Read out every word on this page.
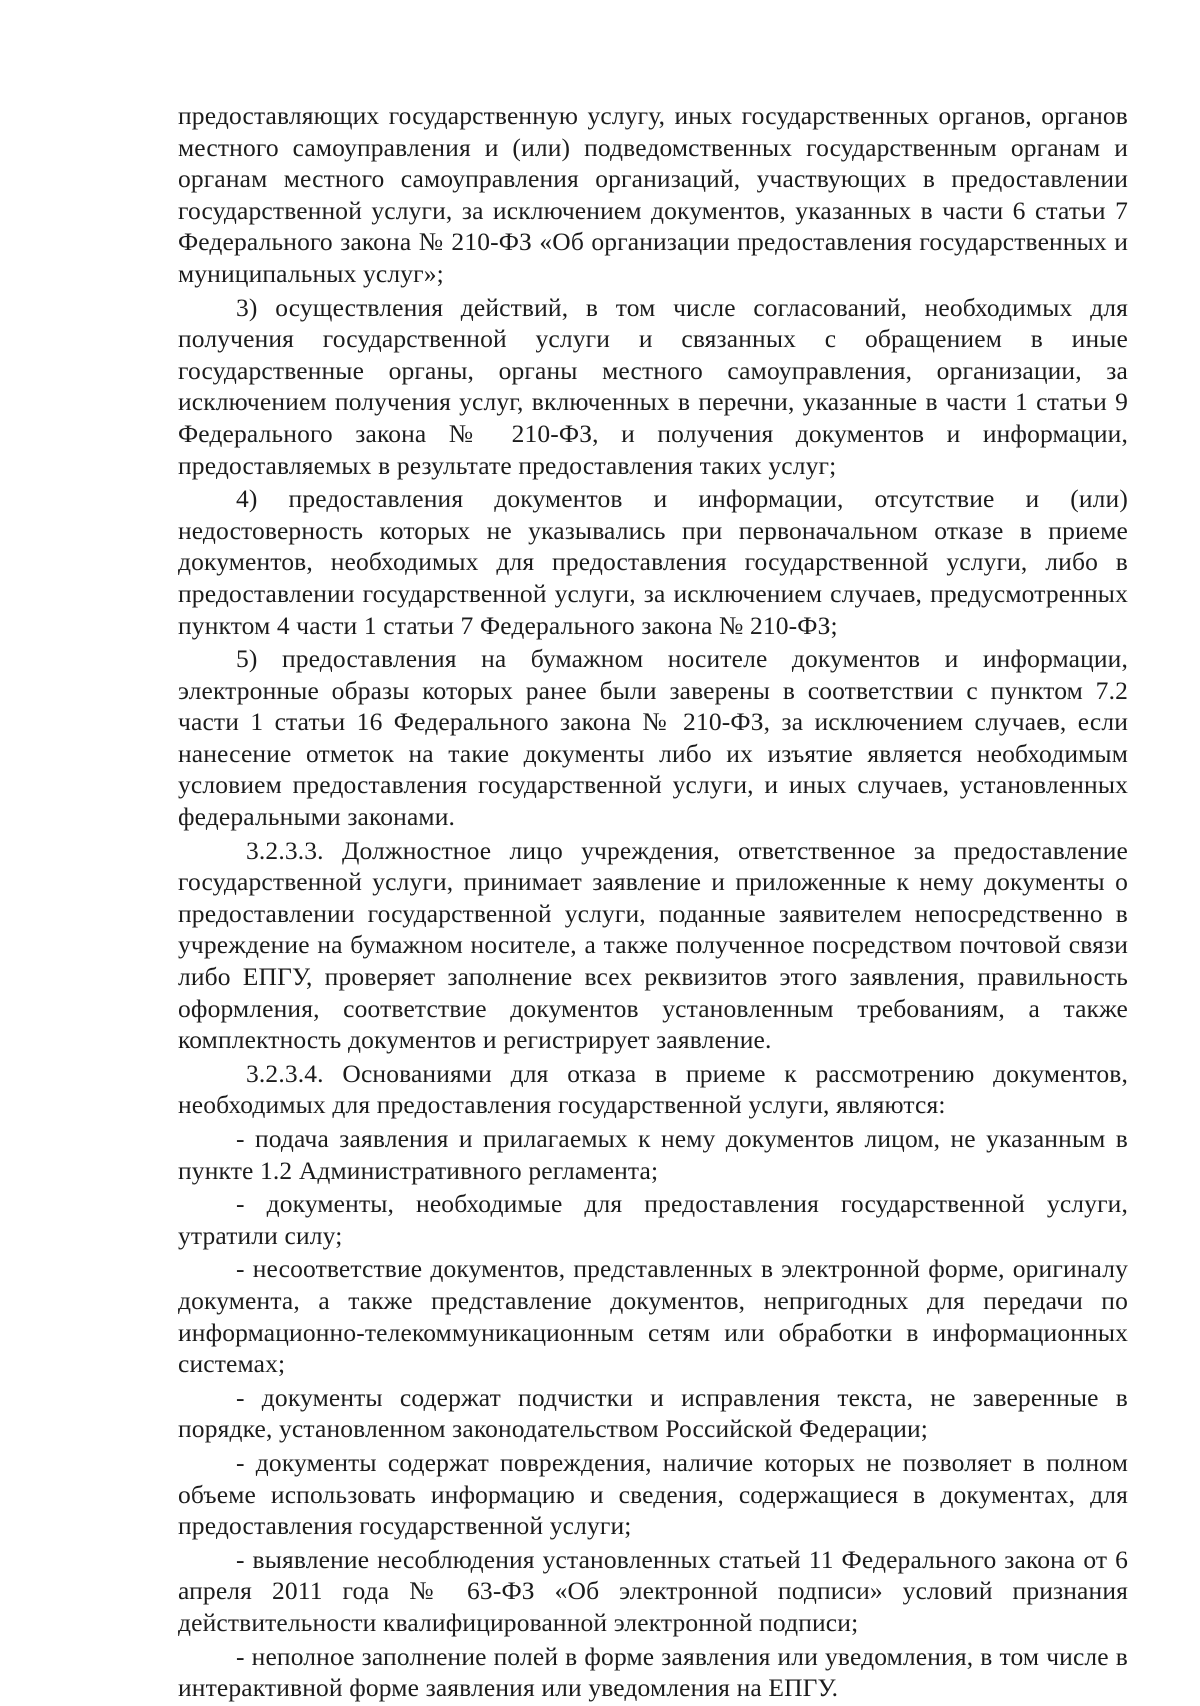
предоставляющих государственную услугу, иных государственных органов, органов местного самоуправления и (или) подведомственных государственным органам и органам местного самоуправления организаций, участвующих в предоставлении государственной услуги, за исключением документов, указанных в части 6 статьи 7 Федерального закона № 210-ФЗ «Об организации предоставления государственных и муниципальных услуг»;

3) осуществления действий, в том числе согласований, необходимых для получения государственной услуги и связанных с обращением в иные государственные органы, органы местного самоуправления, организации, за исключением получения услуг, включенных в перечни, указанные в части 1 статьи 9 Федерального закона № 210-ФЗ, и получения документов и информации, предоставляемых в результате предоставления таких услуг;

4) предоставления документов и информации, отсутствие и (или) недостоверность которых не указывались при первоначальном отказе в приеме документов, необходимых для предоставления государственной услуги, либо в предоставлении государственной услуги, за исключением случаев, предусмотренных пунктом 4 части 1 статьи 7 Федерального закона № 210-ФЗ;

5) предоставления на бумажном носителе документов и информации, электронные образы которых ранее были заверены в соответствии с пунктом 7.2 части 1 статьи 16 Федерального закона № 210-ФЗ, за исключением случаев, если нанесение отметок на такие документы либо их изъятие является необходимым условием предоставления государственной услуги, и иных случаев, установленных федеральными законами.

3.2.3.3. Должностное лицо учреждения, ответственное за предоставление государственной услуги, принимает заявление и приложенные к нему документы о предоставлении государственной услуги, поданные заявителем непосредственно в учреждение на бумажном носителе, а также полученное посредством почтовой связи либо ЕПГУ, проверяет заполнение всех реквизитов этого заявления, правильность оформления, соответствие документов установленным требованиям, а также комплектность документов и регистрирует заявление.

3.2.3.4. Основаниями для отказа в приеме к рассмотрению документов, необходимых для предоставления государственной услуги, являются:

- подача заявления и прилагаемых к нему документов лицом, не указанным в пункте 1.2 Административного регламента;

- документы, необходимые для предоставления государственной услуги, утратили силу;

- несоответствие документов, представленных в электронной форме, оригиналу документа, а также представление документов, непригодных для передачи по информационно-телекоммуникационным сетям или обработки в информационных системах;

- документы содержат подчистки и исправления текста, не заверенные в порядке, установленном законодательством Российской Федерации;

- документы содержат повреждения, наличие которых не позволяет в полном объеме использовать информацию и сведения, содержащиеся в документах, для предоставления государственной услуги;

- выявление несоблюдения установленных статьей 11 Федерального закона от 6 апреля 2011 года № 63-ФЗ «Об электронной подписи» условий признания действительности квалифицированной электронной подписи;

- неполное заполнение полей в форме заявления или уведомления, в том числе в интерактивной форме заявления или уведомления на ЕПГУ.
